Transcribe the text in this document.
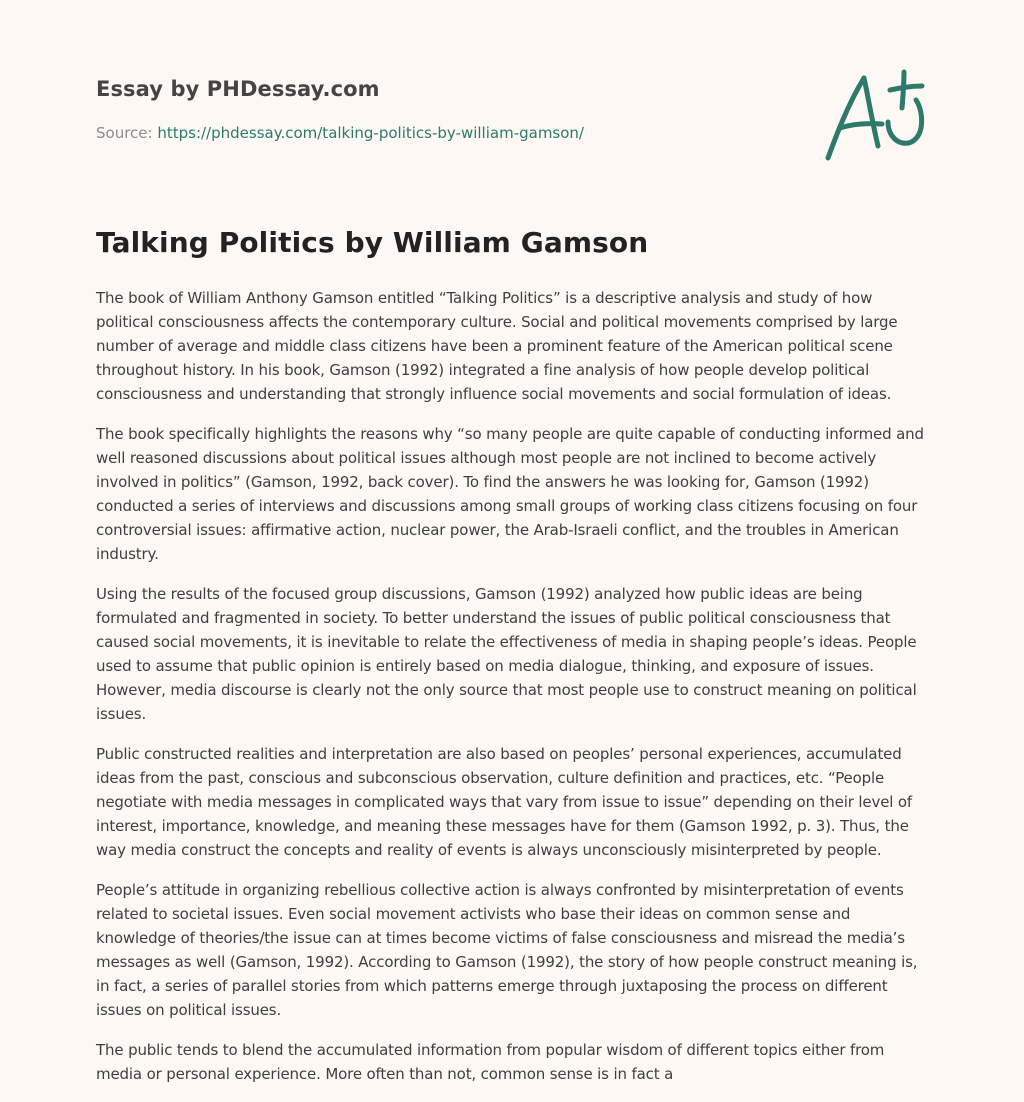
Essay by PHDessay.com
Source: https://phdessay.com/talking-politics-by-william-gamson/
Talking Politics by William Gamson

The book of William Anthony Gamson entitled “Talking Politics” is a descriptive analysis and study of how political consciousness affects the contemporary culture. Social and political movements comprised by large number of average and middle class citizens have been a prominent feature of the American political scene throughout history. In his book, Gamson (1992) integrated a fine analysis of how people develop political consciousness and understanding that strongly influence social movements and social formulation of ideas.

The book specifically highlights the reasons why “so many people are quite capable of conducting informed and well reasoned discussions about political issues although most people are not inclined to become actively involved in politics” (Gamson, 1992, back cover). To find the answers he was looking for, Gamson (1992) conducted a series of interviews and discussions among small groups of working class citizens focusing on four controversial issues: affirmative action, nuclear power, the Arab-Israeli conflict, and the troubles in American industry.

Using the results of the focused group discussions, Gamson (1992) analyzed how public ideas are being formulated and fragmented in society. To better understand the issues of public political consciousness that caused social movements, it is inevitable to relate the effectiveness of media in shaping people’s ideas. People used to assume that public opinion is entirely based on media dialogue, thinking, and exposure of issues. However, media discourse is clearly not the only source that most people use to construct meaning on political issues.

Public constructed realities and interpretation are also based on peoples’ personal experiences, accumulated ideas from the past, conscious and subconscious observation, culture definition and practices, etc. “People negotiate with media messages in complicated ways that vary from issue to issue” depending on their level of interest, importance, knowledge, and meaning these messages have for them (Gamson 1992, p. 3). Thus, the way media construct the concepts and reality of events is always unconsciously misinterpreted by people.

People’s attitude in organizing rebellious collective action is always confronted by misinterpretation of events related to societal issues. Even social movement activists who base their ideas on common sense and knowledge of theories/the issue can at times become victims of false consciousness and misread the media’s messages as well (Gamson, 1992). According to Gamson (1992), the story of how people construct meaning is, in fact, a series of parallel stories from which patterns emerge through juxtaposing the process on different issues on political issues.

The public tends to blend the accumulated information from popular wisdom of different topics either from media or personal experience. More often than not, common sense is in fact a
